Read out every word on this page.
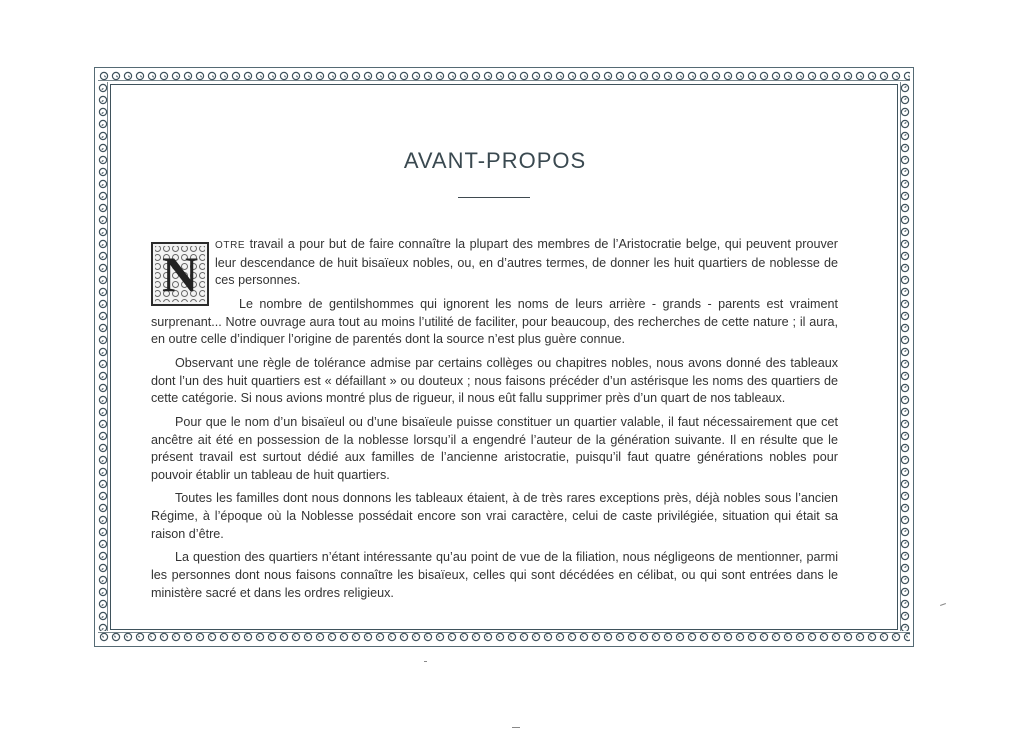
AVANT-PROPOS

N
OTRE travail a pour but de faire connaître la plupart des membres de l’Aristocratie belge, qui peuvent prouver leur descendance de huit bisaïeux nobles, ou, en d’autres termes, de donner les huit quartiers de noblesse de ces personnes.

Le nombre de gentilshommes qui ignorent les noms de leurs arrière - grands - parents est vraiment surprenant... Notre ouvrage aura tout au moins l’utilité de faciliter, pour beaucoup, des recherches de cette nature ; il aura, en outre celle d’indiquer l’origine de parentés dont la source n’est plus guère connue.

Observant une règle de tolérance admise par certains collèges ou chapitres nobles, nous avons donné des tableaux dont l’un des huit quartiers est « défaillant » ou douteux ; nous faisons précéder d’un astérisque les noms des quartiers de cette catégorie. Si nous avions montré plus de rigueur, il nous eût fallu supprimer près d’un quart de nos tableaux.

Pour que le nom d’un bisaïeul ou d’une bisaïeule puisse constituer un quartier valable, il faut nécessairement que cet ancêtre ait été en possession de la noblesse lorsqu’il a engendré l’auteur de la génération suivante. Il en résulte que le présent travail est surtout dédié aux familles de l’ancienne aristocratie, puisqu’il faut quatre générations nobles pour pouvoir établir un tableau de huit quartiers.

Toutes les familles dont nous donnons les tableaux étaient, à de très rares exceptions près, déjà nobles sous l’ancien Régime, à l’époque où la Noblesse possédait encore son vrai caractère, celui de caste privilégiée, situation qui était sa raison d’être.

La question des quartiers n’étant intéressante qu’au point de vue de la filiation, nous négligeons de mentionner, parmi les personnes dont nous faisons connaître les bisaïeux, celles qui sont décédées en célibat, ou qui sont entrées dans le ministère sacré et dans les ordres religieux.
